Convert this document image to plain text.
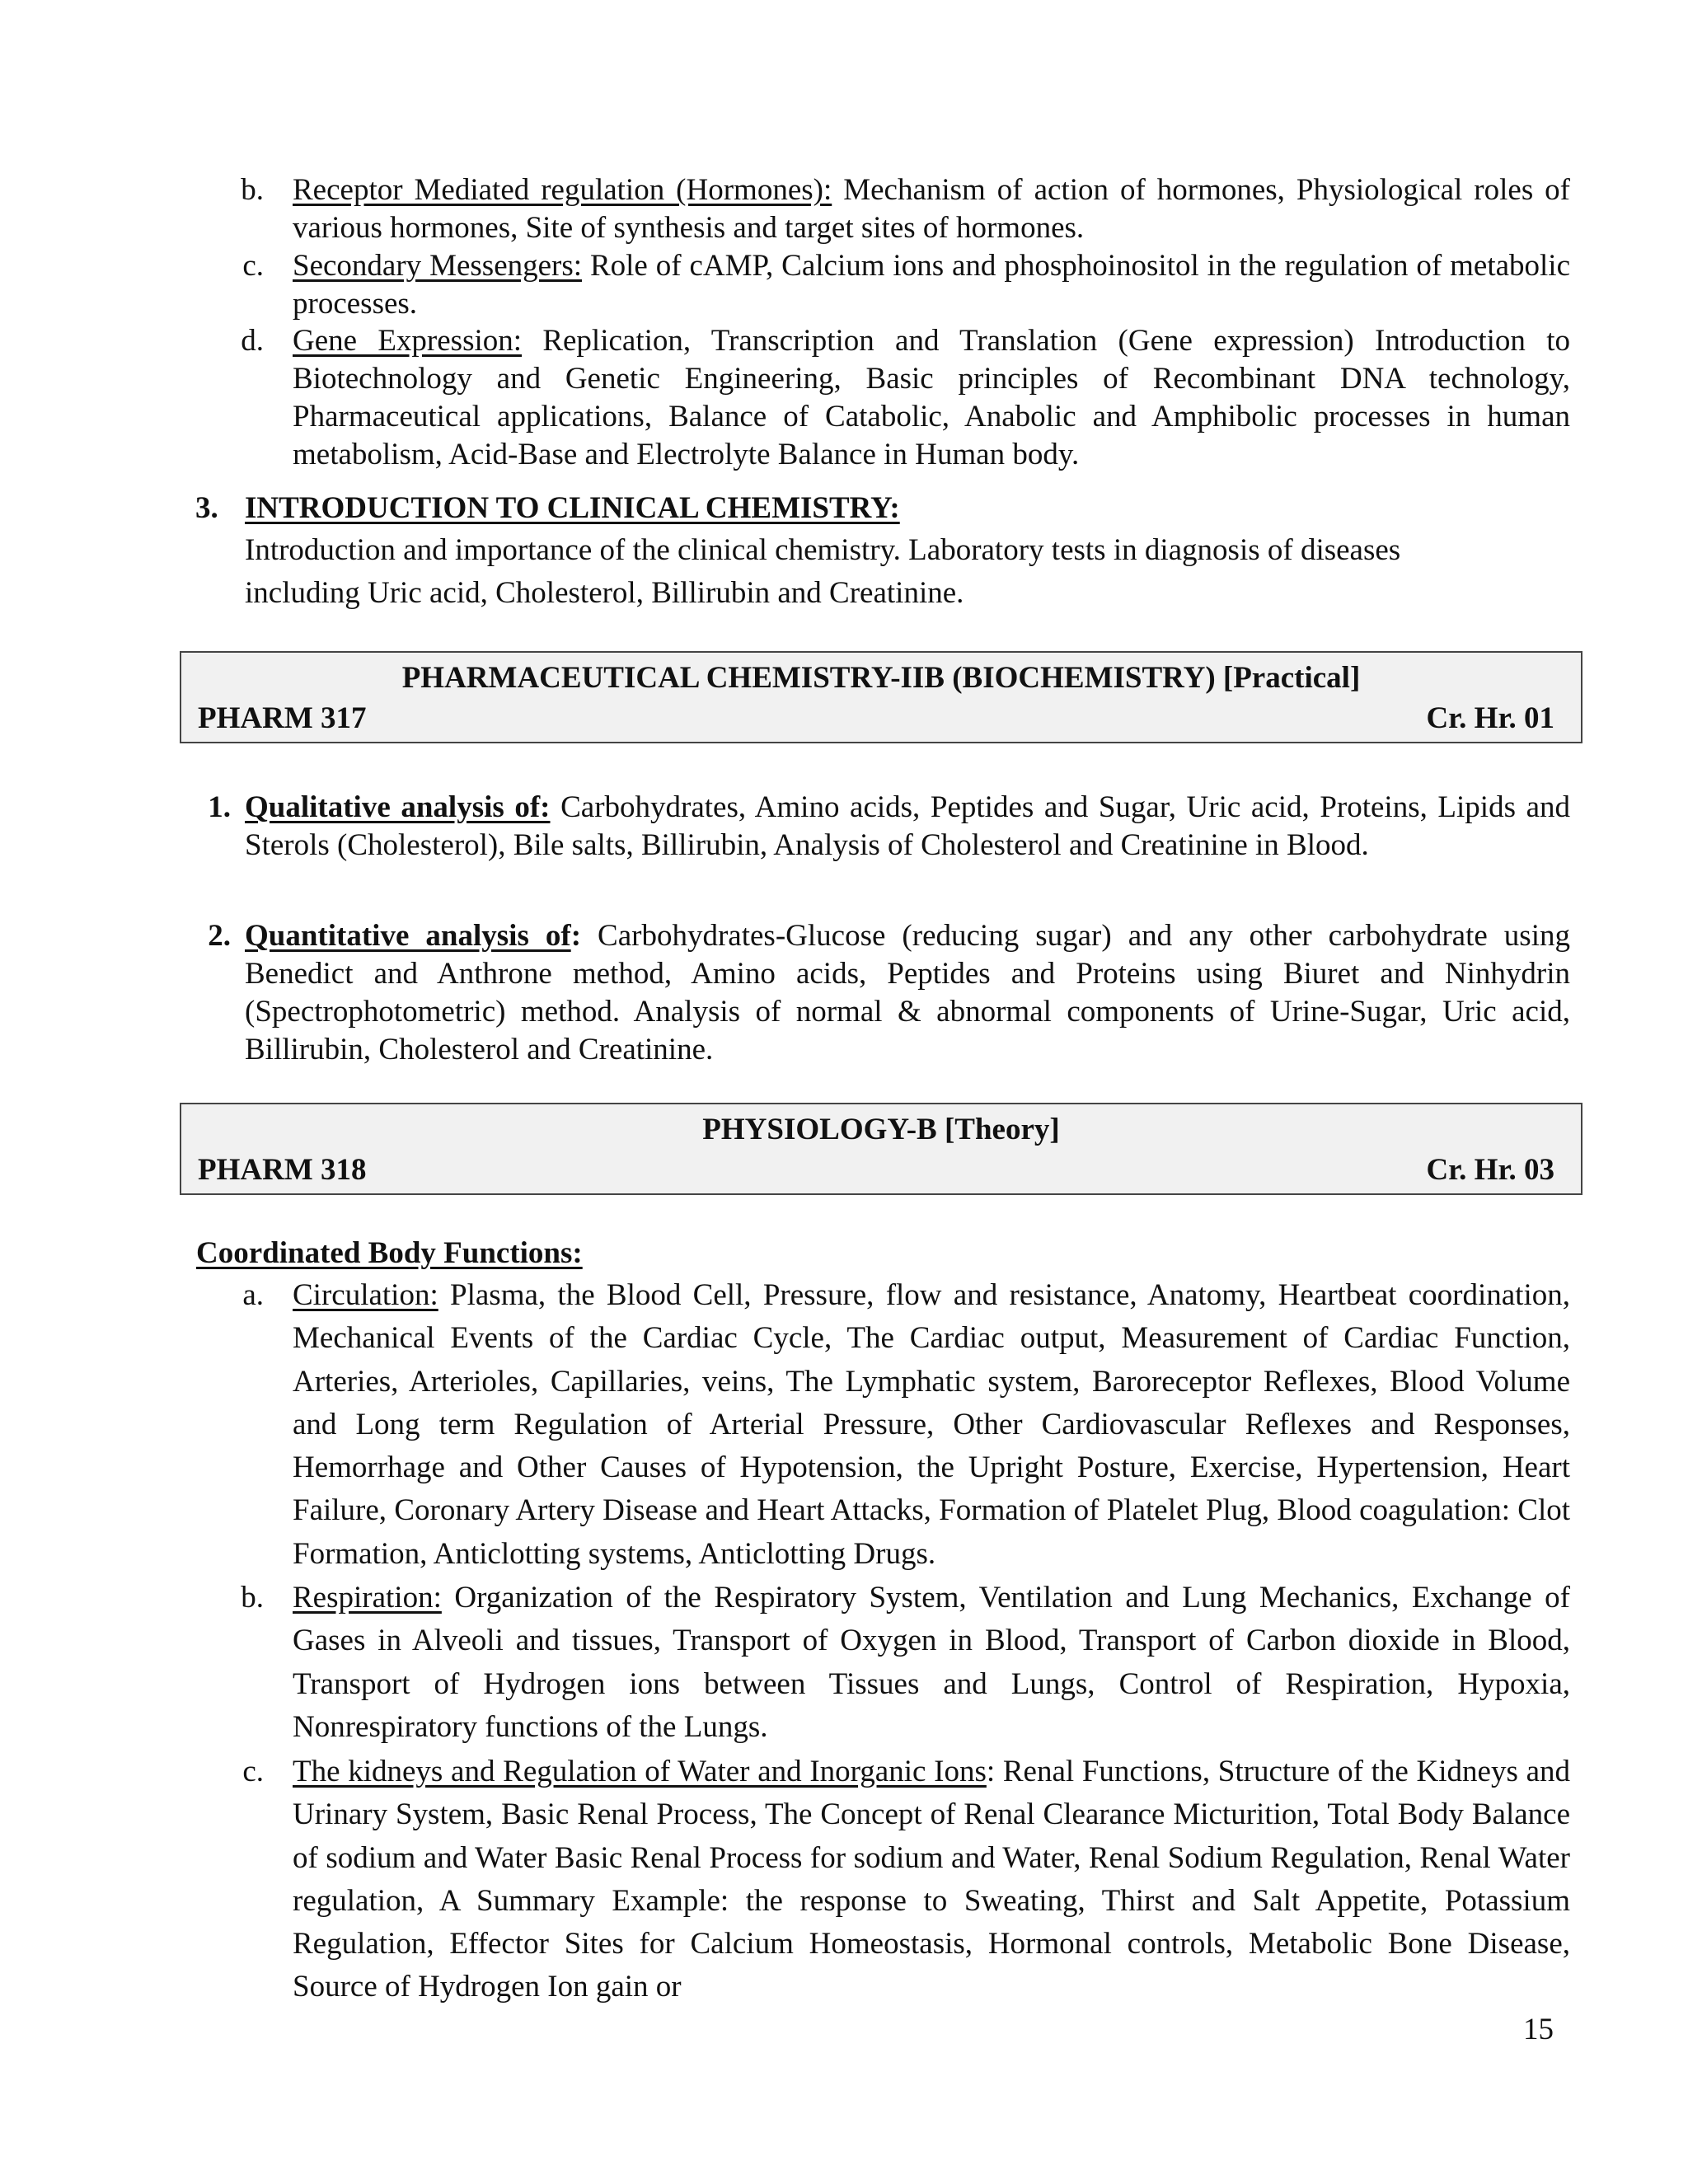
b. Receptor Mediated regulation (Hormones): Mechanism of action of hormones, Physiological roles of various hormones, Site of synthesis and target sites of hormones.
c. Secondary Messengers: Role of cAMP, Calcium ions and phosphoinositol in the regulation of metabolic processes.
d. Gene Expression: Replication, Transcription and Translation (Gene expression) Introduction to Biotechnology and Genetic Engineering, Basic principles of Recombinant DNA technology, Pharmaceutical applications, Balance of Catabolic, Anabolic and Amphibolic processes in human metabolism, Acid-Base and Electrolyte Balance in Human body.
3. INTRODUCTION TO CLINICAL CHEMISTRY:
Introduction and importance of the clinical chemistry. Laboratory tests in diagnosis of diseases
including Uric acid, Cholesterol, Billirubin and Creatinine.
PHARMACEUTICAL CHEMISTRY-IIB (BIOCHEMISTRY) [Practical]
PHARM 317	Cr. Hr. 01
1. Qualitative analysis of: Carbohydrates, Amino acids, Peptides and Sugar, Uric acid, Proteins, Lipids and Sterols (Cholesterol), Bile salts, Billirubin, Analysis of Cholesterol and Creatinine in Blood.
2. Quantitative analysis of: Carbohydrates-Glucose (reducing sugar) and any other carbohydrate using Benedict and Anthrone method, Amino acids, Peptides and Proteins using Biuret and Ninhydrin (Spectrophotometric) method. Analysis of normal & abnormal components of Urine-Sugar, Uric acid, Billirubin, Cholesterol and Creatinine.
PHYSIOLOGY-B [Theory]
PHARM 318	Cr. Hr. 03
Coordinated Body Functions:
a. Circulation: Plasma, the Blood Cell, Pressure, flow and resistance, Anatomy, Heartbeat coordination, Mechanical Events of the Cardiac Cycle, The Cardiac output, Measurement of Cardiac Function, Arteries, Arterioles, Capillaries, veins, The Lymphatic system, Baroreceptor Reflexes, Blood Volume and Long term Regulation of Arterial Pressure, Other Cardiovascular Reflexes and Responses, Hemorrhage and Other Causes of Hypotension, the Upright Posture, Exercise, Hypertension, Heart Failure, Coronary Artery Disease and Heart Attacks, Formation of Platelet Plug, Blood coagulation: Clot Formation, Anticlotting systems, Anticlotting Drugs.
b. Respiration: Organization of the Respiratory System, Ventilation and Lung Mechanics, Exchange of Gases in Alveoli and tissues, Transport of Oxygen in Blood, Transport of Carbon dioxide in Blood, Transport of Hydrogen ions between Tissues and Lungs, Control of Respiration, Hypoxia, Nonrespiratory functions of the Lungs.
c. The kidneys and Regulation of Water and Inorganic Ions: Renal Functions, Structure of the Kidneys and Urinary System, Basic Renal Process, The Concept of Renal Clearance Micturition, Total Body Balance of sodium and Water Basic Renal Process for sodium and Water, Renal Sodium Regulation, Renal Water regulation, A Summary Example: the response to Sweating, Thirst and Salt Appetite, Potassium Regulation, Effector Sites for Calcium Homeostasis, Hormonal controls, Metabolic Bone Disease, Source of Hydrogen Ion gain or
15
